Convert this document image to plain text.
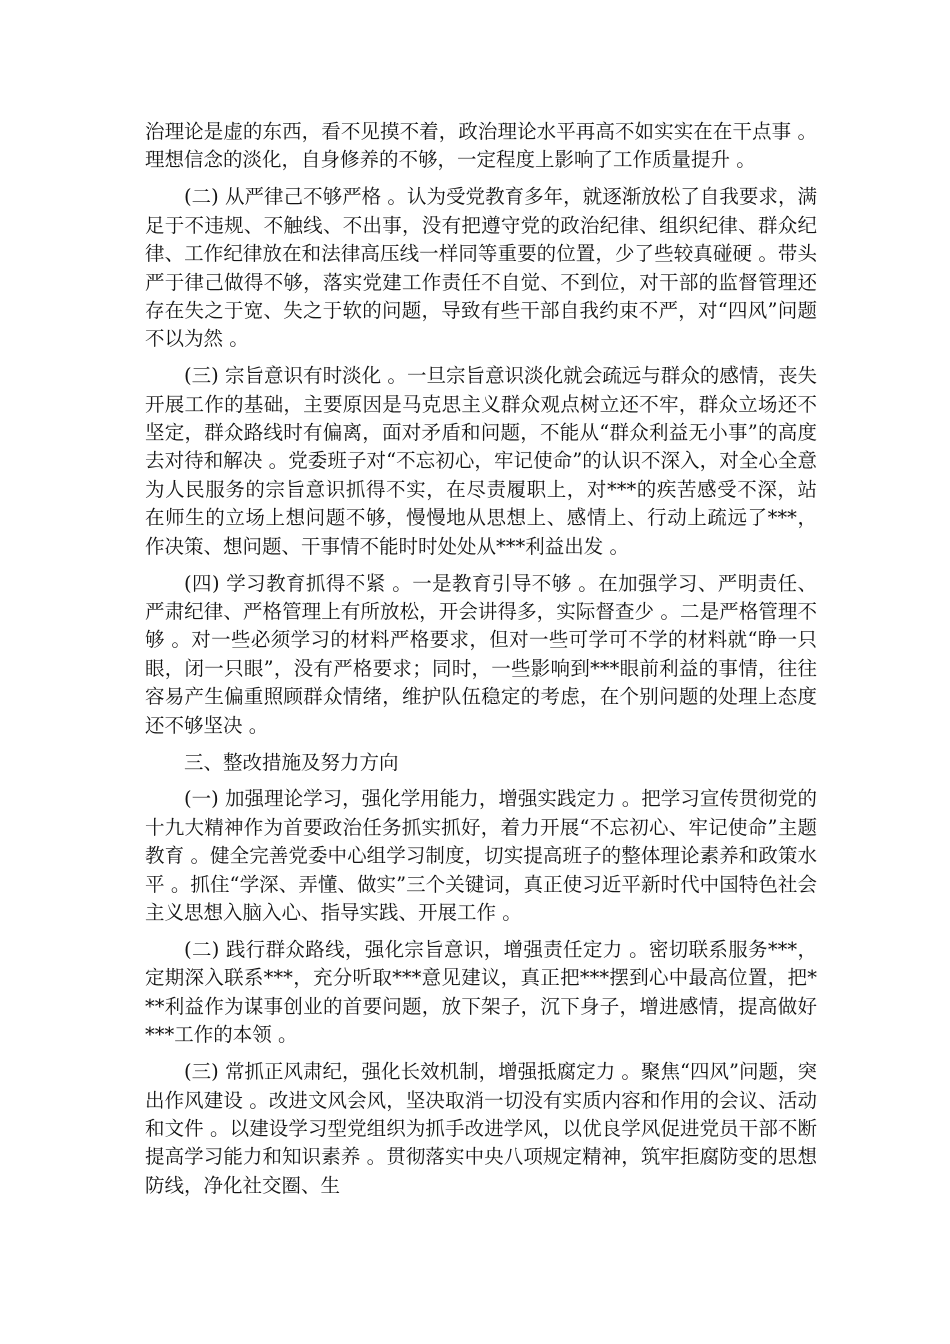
治理论是虚的东西，看不见摸不着，政治理论水平再高不如实实在在干点事 。理想信念的淡化，自身修养的不够，一定程度上影响了工作质量提升 。

(二) 从严律己不够严格 。认为受党教育多年，就逐渐放松了自我要求，满足于不违规、不触线、不出事，没有把遵守党的政治纪律、组织纪律、群众纪律、工作纪律放在和法律高压线一样同等重要的位置，少了些较真碰硬 。带头严于律己做得不够，落实党建工作责任不自觉、不到位，对干部的监督管理还存在失之于宽、失之于软的问题，导致有些干部自我约束不严，对“四风”问题不以为然 。

(三) 宗旨意识有时淡化 。一旦宗旨意识淡化就会疏远与群众的感情，丧失开展工作的基础，主要原因是马克思主义群众观点树立还不牢，群众立场还不坚定，群众路线时有偏离，面对矛盾和问题，不能从“群众利益无小事”的高度去对待和解决 。党委班子对“不忘初心，牢记使命”的认识不深入，对全心全意为人民服务的宗旨意识抓得不实，在尽责履职上，对***的疾苦感受不深，站在师生的立场上想问题不够，慢慢地从思想上、感情上、行动上疏远了***，作决策、想问题、干事情不能时时处处从***利益出发 。

(四) 学习教育抓得不紧 。一是教育引导不够 。在加强学习、严明责任、严肃纪律、严格管理上有所放松，开会讲得多，实际督查少 。二是严格管理不够 。对一些必须学习的材料严格要求，但对一些可学可不学的材料就“睁一只眼，闭一只眼”，没有严格要求；同时，一些影响到***眼前利益的事情，往往容易产生偏重照顾群众情绪，维护队伍稳定的考虑，在个别问题的处理上态度还不够坚决 。

三、整改措施及努力方向

(一) 加强理论学习，强化学用能力，增强实践定力 。把学习宣传贯彻党的十九大精神作为首要政治任务抓实抓好，着力开展“不忘初心、牢记使命”主题教育 。健全完善党委中心组学习制度，切实提高班子的整体理论素养和政策水平 。抓住“学深、弄懂、做实”三个关键词，真正使习近平新时代中国特色社会主义思想入脑入心、指导实践、开展工作 。

(二) 践行群众路线，强化宗旨意识，增强责任定力 。密切联系服务***，定期深入联系***，充分听取***意见建议，真正把***摆到心中最高位置，把***利益作为谋事创业的首要问题，放下架子，沉下身子，增进感情，提高做好***工作的本领 。

(三) 常抓正风肃纪，强化长效机制，增强抵腐定力 。聚焦“四风”问题，突出作风建设 。改进文风会风，坚决取消一切没有实质内容和作用的会议、活动和文件 。以建设学习型党组织为抓手改进学风，以优良学风促进党员干部不断提高学习能力和知识素养 。贯彻落实中央八项规定精神，筑牢拒腐防变的思想防线，净化社交圈、生
